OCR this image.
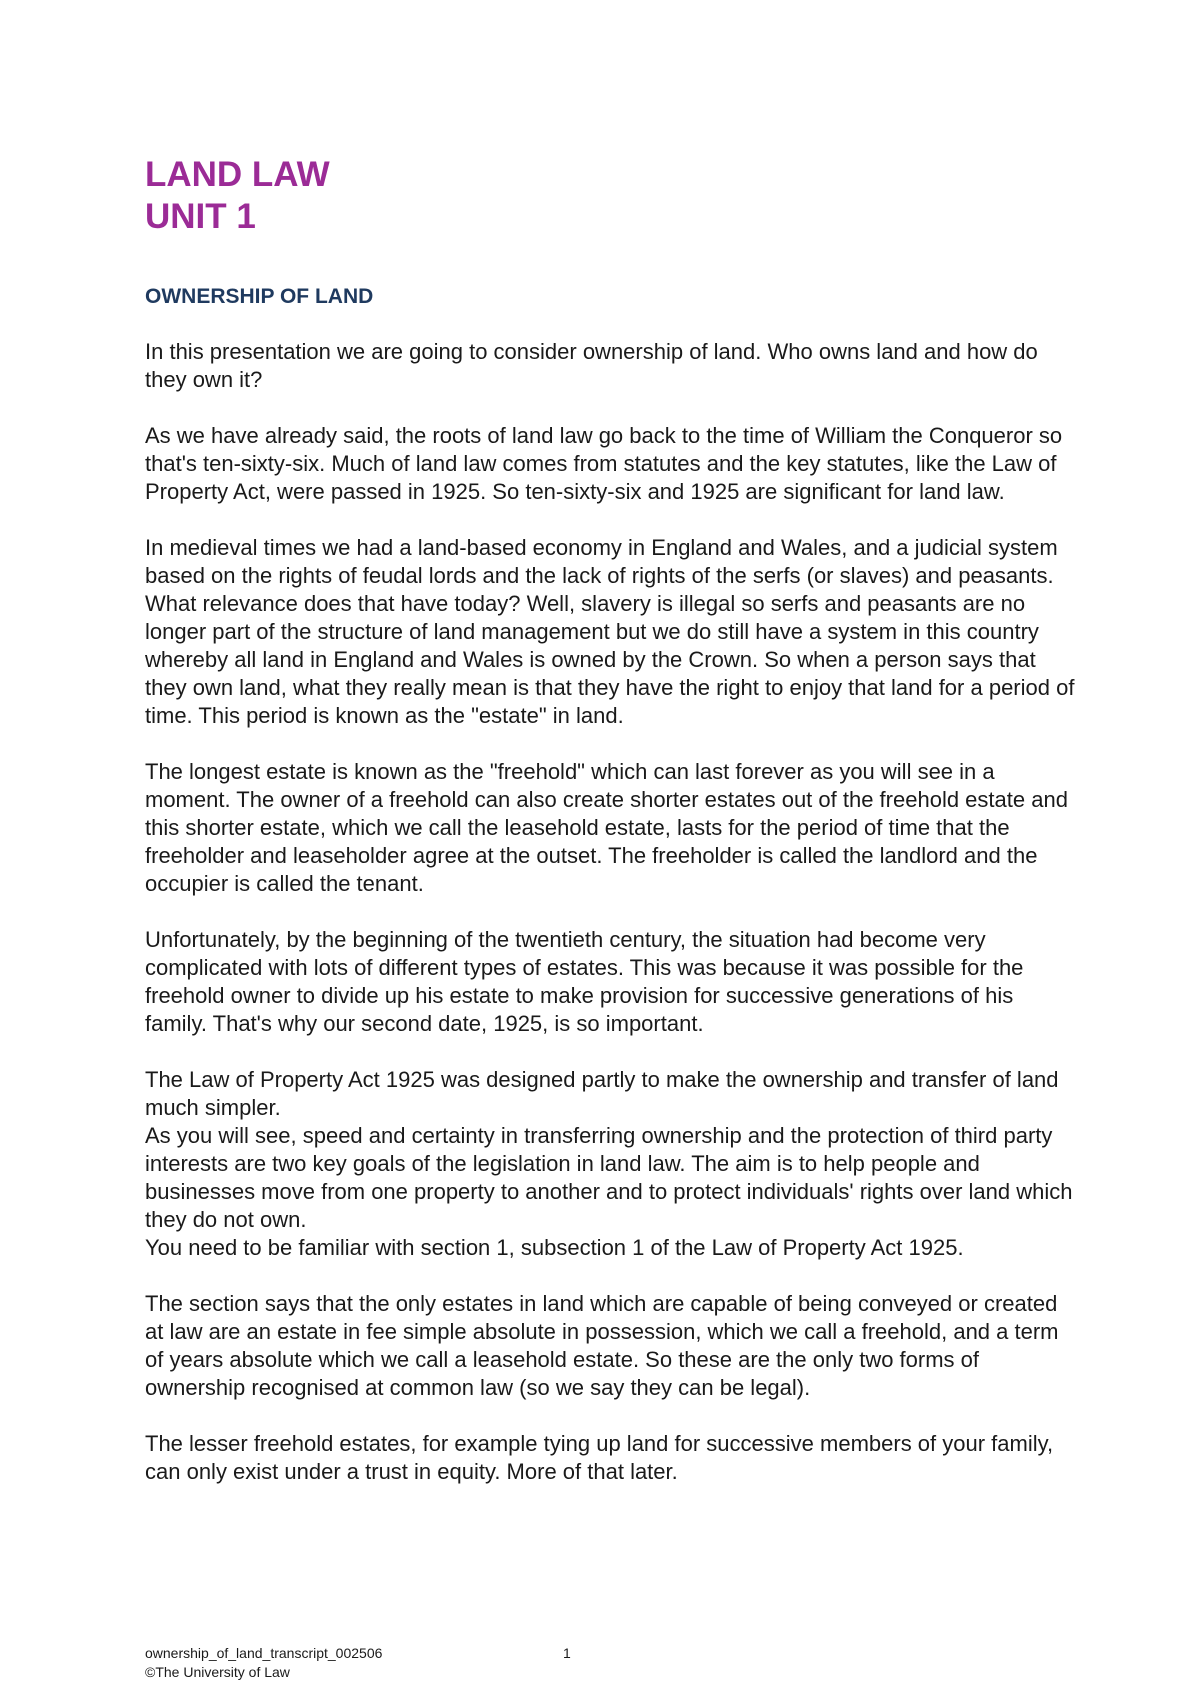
LAND LAW
UNIT 1
OWNERSHIP OF LAND

In this presentation we are going to consider ownership of land. Who owns land and how do they own it?

As we have already said, the roots of land law go back to the time of William the Conqueror so that's ten-sixty-six. Much of land law comes from statutes and the key statutes, like the Law of Property Act, were passed in 1925. So ten-sixty-six and 1925 are significant for land law.

In medieval times we had a land-based economy in England and Wales, and a judicial system based on the rights of feudal lords and the lack of rights of the serfs (or slaves) and peasants. What relevance does that have today? Well, slavery is illegal so serfs and peasants are no longer part of the structure of land management but we do still have a system in this country whereby all land in England and Wales is owned by the Crown. So when a person says that they own land, what they really mean is that they have the right to enjoy that land for a period of time. This period is known as the "estate" in land.

The longest estate is known as the "freehold" which can last forever as you will see in a moment. The owner of a freehold can also create shorter estates out of the freehold estate and this shorter estate, which we call the leasehold estate, lasts for the period of time that the freeholder and leaseholder agree at the outset. The freeholder is called the landlord and the occupier is called the tenant.

Unfortunately, by the beginning of the twentieth century, the situation had become very complicated with lots of different types of estates. This was because it was possible for the freehold owner to divide up his estate to make provision for successive generations of his family. That's why our second date, 1925, is so important.

The Law of Property Act 1925 was designed partly to make the ownership and transfer of land much simpler.

As you will see, speed and certainty in transferring ownership and the protection of third party interests are two key goals of the legislation in land law. The aim is to help people and businesses move from one property to another and to protect individuals' rights over land which they do not own.

You need to be familiar with section 1, subsection 1 of the Law of Property Act 1925.

The section says that the only estates in land which are capable of being conveyed or created at law are an estate in fee simple absolute in possession, which we call a freehold, and a term of years absolute which we call a leasehold estate. So these are the only two forms of ownership recognised at common law (so we say they can be legal).

The lesser freehold estates, for example tying up land for successive members of your family, can only exist under a trust in equity. More of that later.

ownership_of_land_transcript_002506	1
©The University of Law
